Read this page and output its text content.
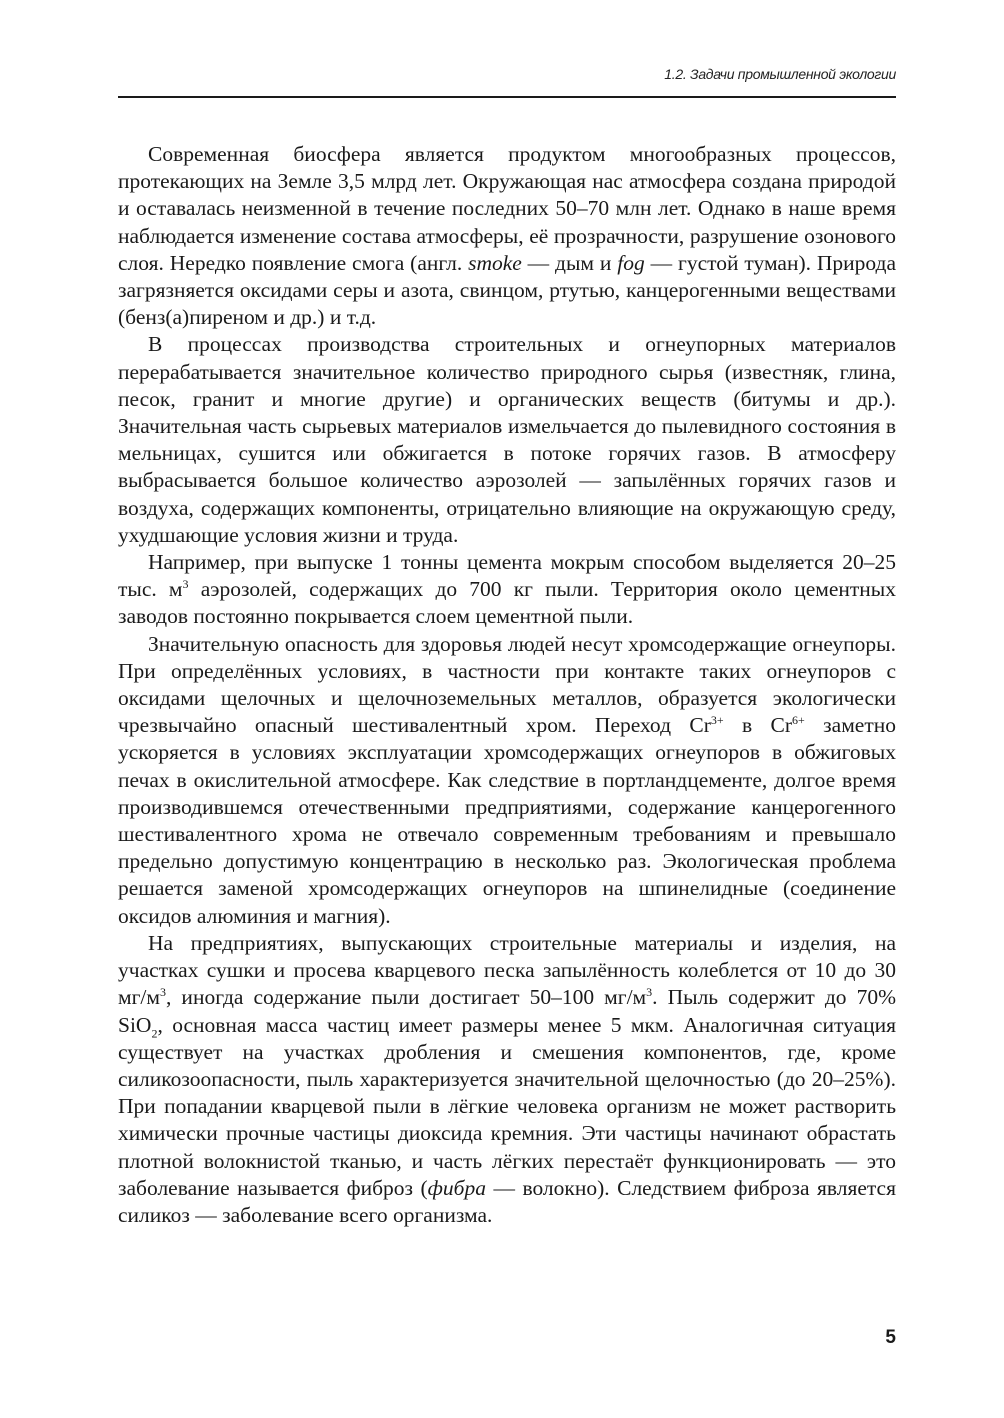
1.2. Задачи промышленной экологии

Современная биосфера является продуктом многообразных процессов, протекающих на Земле 3,5 млрд лет. Окружающая нас атмосфера создана природой и оставалась неизменной в течение последних 50–70 млн лет. Однако в наше время наблюдается изменение состава атмосферы, её прозрачности, разрушение озонового слоя. Нередко появление смога (англ. smoke — дым и fog — густой туман). Природа загрязняется оксидами серы и азота, свинцом, ртутью, канцерогенными веществами (бенз(а)пиреном и др.) и т.д.

В процессах производства строительных и огнеупорных материалов перерабатывается значительное количество природного сырья (известняк, глина, песок, гранит и многие другие) и органических веществ (битумы и др.). Значительная часть сырьевых материалов измельчается до пылевидного состояния в мельницах, сушится или обжигается в потоке горячих газов. В атмосферу выбрасывается большое количество аэрозолей — запылённых горячих газов и воздуха, содержащих компоненты, отрицательно влияющие на окружающую среду, ухудшающие условия жизни и труда.

Например, при выпуске 1 тонны цемента мокрым способом выделяется 20–25 тыс. $м^3$ аэрозолей, содержащих до 700 кг пыли. Территория около цементных заводов постоянно покрывается слоем цементной пыли.

Значительную опасность для здоровья людей несут хромсодержащие огнеупоры. При определённых условиях, в частности при контакте таких огнеупоров с оксидами щелочных и щелочноземельных металлов, образуется экологически чрезвычайно опасный шестивалентный хром. Переход $Cr^{3+}$ в $Cr^{6+}$ заметно ускоряется в условиях эксплуатации хромсодержащих огнеупоров в обжиговых печах в окислительной атмосфере. Как следствие в портландцементе, долгое время производившемся отечественными предприятиями, содержание канцерогенного шестивалентного хрома не отвечало современным требованиям и превышало предельно допустимую концентрацию в несколько раз. Экологическая проблема решается заменой хромсодержащих огнеупоров на шпинелидные (соединение оксидов алюминия и магния).

На предприятиях, выпускающих строительные материалы и изделия, на участках сушки и просева кварцевого песка запылённость колеблется от 10 до 30 $мг/м^3$, иногда содержание пыли достигает 50–100 $мг/м^3$. Пыль содержит до 70% SiO$_2$, основная масса частиц имеет размеры менее 5 мкм. Аналогичная ситуация существует на участках дробления и смешения компонентов, где, кроме силикозоопасности, пыль характеризуется значительной щелочностью (до 20–25%). При попадании кварцевой пыли в лёгкие человека организм не может растворить химически прочные частицы диоксида кремния. Эти частицы начинают обрастать плотной волокнистой тканью, и часть лёгких перестаёт функционировать — это заболевание называется фиброз (фибра — волокно). Следствием фиброза является силикоз — заболевание всего организма.

5
